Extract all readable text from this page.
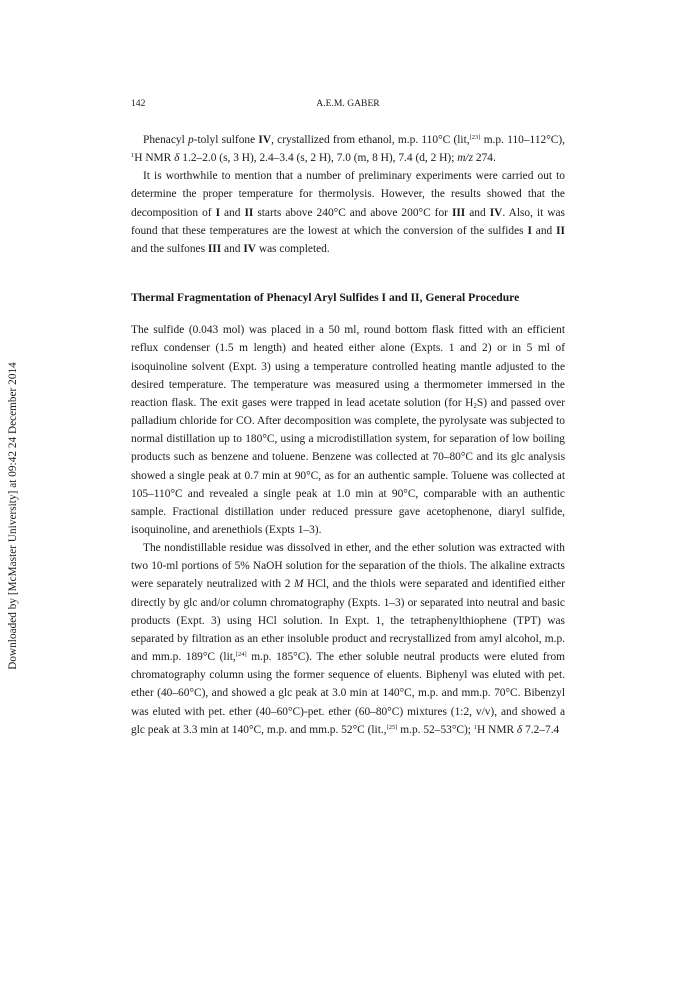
Downloaded by [McMaster University] at 09:42 24 December 2014
142	A.E.M. GABER

Phenacyl p-tolyl sulfone IV, crystallized from ethanol, m.p. 110°C (lit,[23] m.p. 110–112°C), $^1$H NMR δ 1.2–2.0 (s, 3 H), 2.4–3.4 (s, 2 H), 7.0 (m, 8 H), 7.4 (d, 2 H); m/z 274.

It is worthwhile to mention that a number of preliminary experiments were carried out to determine the proper temperature for thermolysis. However, the results showed that the decomposition of I and II starts above 240°C and above 200°C for III and IV. Also, it was found that these temperatures are the lowest at which the conversion of the sulfides I and II and the sulfones III and IV was completed.

Thermal Fragmentation of Phenacyl Aryl Sulfides I and II, General Procedure

The sulfide (0.043 mol) was placed in a 50 ml, round bottom flask fitted with an efficient reflux condenser (1.5 m length) and heated either alone (Expts. 1 and 2) or in 5 ml of isoquinoline solvent (Expt. 3) using a temperature controlled heating mantle adjusted to the desired temperature. The temperature was measured using a thermometer immersed in the reaction flask. The exit gases were trapped in lead acetate solution (for $H_2S$) and passed over palladium chloride for CO. After decomposition was complete, the pyrolysate was subjected to normal distillation up to 180°C, using a microdistillation system, for separation of low boiling products such as benzene and toluene. Benzene was collected at 70–80°C and its glc analysis showed a single peak at 0.7 min at 90°C, as for an authentic sample. Toluene was collected at 105–110°C and revealed a single peak at 1.0 min at 90°C, comparable with an authentic sample. Fractional distillation under reduced pressure gave acetophenone, diaryl sulfide, isoquinoline, and arenethiols (Expts 1–3).

The nondistillable residue was dissolved in ether, and the ether solution was extracted with two 10-ml portions of 5% NaOH solution for the separation of the thiols. The alkaline extracts were separately neutralized with 2 M HCl, and the thiols were separated and identified either directly by glc and/or column chromatography (Expts. 1–3) or separated into neutral and basic products (Expt. 3) using HCl solution. In Expt. 1, the tetraphenylthiophene (TPT) was separated by filtration as an ether insoluble product and recrystallized from amyl alcohol, m.p. and mm.p. 189°C (lit,[24] m.p. 185°C). The ether soluble neutral products were eluted from chromatography column using the former sequence of eluents. Biphenyl was eluted with pet. ether (40–60°C), and showed a glc peak at 3.0 min at 140°C, m.p. and mm.p. 70°C. Bibenzyl was eluted with pet. ether (40–60°C)-pet. ether (60–80°C) mixtures (1:2, v/v), and showed a glc peak at 3.3 min at 140°C, m.p. and mm.p. 52°C (lit.,[25] m.p. 52–53°C); $^1$H NMR δ 7.2–7.4
